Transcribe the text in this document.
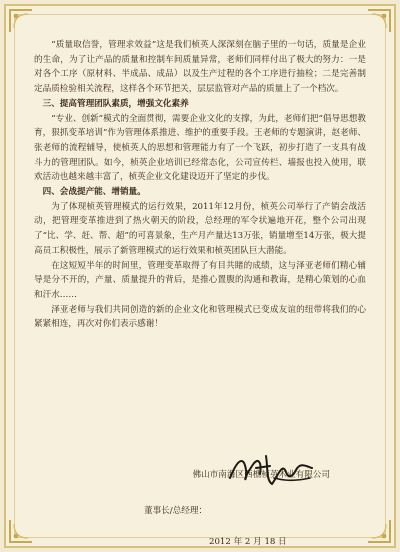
“质量取信誉，管理求效益”这是我们桢英人深深刻在脑子里的一句话，质量是企业的生命，为了让产品的质量和控制车间质量异常，老师们同样付出了极大的努力：一是对各个工序（原材料、半成品、成品）以及生产过程的各个工序进行抽检；二是完善制定品质检验相关流程，这样各个环节把关，层层监管对产品的质量上了一个档次。

三、提高管理团队素质，增强文化素养

“专业、创新”模式的全面贯彻，需要企业文化的支撑，为此，老师们把“倡导思想教育，狠抓变革培训”作为管理体系推进、维护的重要手段。王老师的专题演讲，赵老师、张老师的流程辅导，使桢英人的思想和管理能力有了一个飞跃，初步打造了一支具有战斗力的管理团队。如今，桢英企业培训已经常态化，公司宣传栏、墙报也投入使用，联欢活动也越来越丰富了，桢英企业文化建设迈开了坚定的步伐。

四、会战提产能、增销量。

为了体现桢英管理模式的运行效果，2011年12月份，桢英公司举行了产销会战活动，把管理变革推进到了热火朝天的阶段，总经理的军令状遍地开花，整个公司出现了“比、学、赶、帮、超”的可喜景象，生产月产量达13万张，销量增至14万张，极大提高员工积极性，展示了新管理模式的运行效果和桢英团队巨大潜能。

在这短短半年的时间里，管理变革取得了有目共睹的成绩，这与泽亚老师们精心辅导是分不开的，产量、质量提升的背后，是推心置腹的沟通和教诲，是精心策划的心血和汗水……

泽亚老师与我们共同创造的新的企业文化和管理模式已变成友谊的纽带将我们的心紧紧相连，再次对你们表示感谢！

佛山市南海区西樵桢英木业有限公司
董事长/总经理：
2012 年 2 月 18 日
